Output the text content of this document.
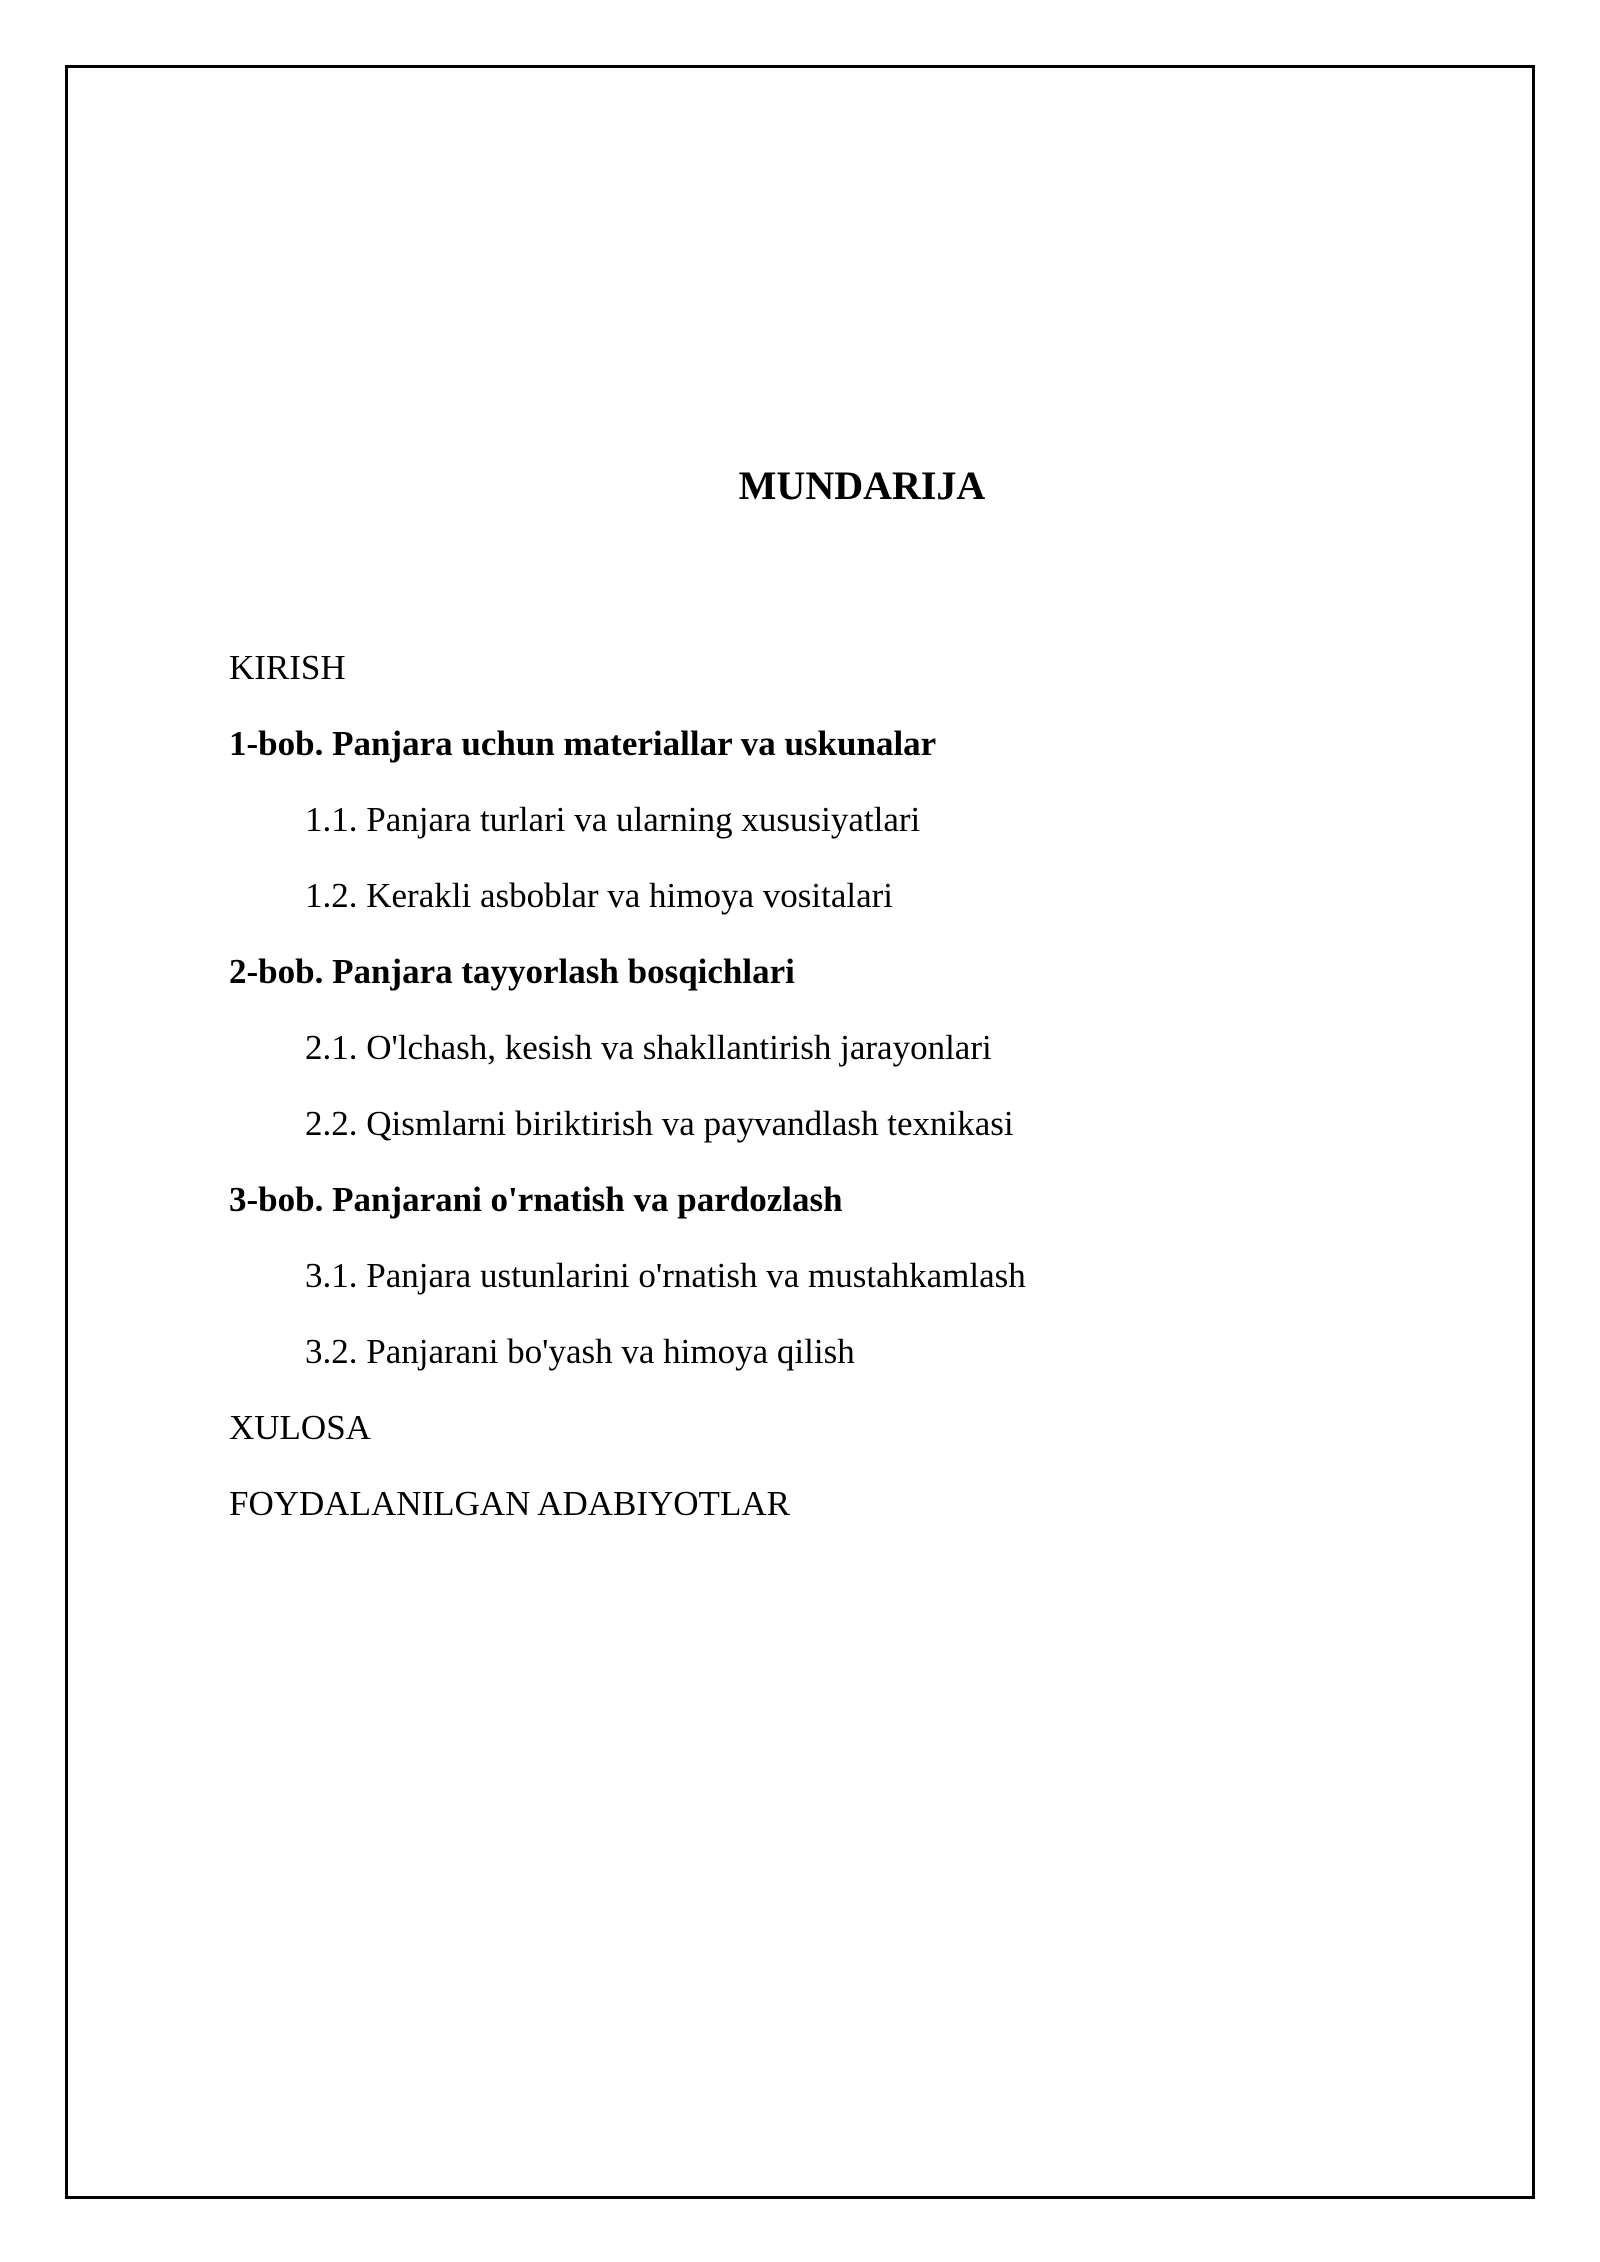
MUNDARIJA
KIRISH
1-bob. Panjara uchun materiallar va uskunalar
1.1. Panjara turlari va ularning xususiyatlari
1.2. Kerakli asboblar va himoya vositalari
2-bob. Panjara tayyorlash bosqichlari
2.1. O'lchash, kesish va shakllantirish jarayonlari
2.2. Qismlarni biriktirish va payvandlash texnikasi
3-bob. Panjarani o'rnatish va pardozlash
3.1. Panjara ustunlarini o'rnatish va mustahkamlash
3.2. Panjarani bo'yash va himoya qilish
XULOSA
FOYDALANILGAN ADABIYOTLAR
